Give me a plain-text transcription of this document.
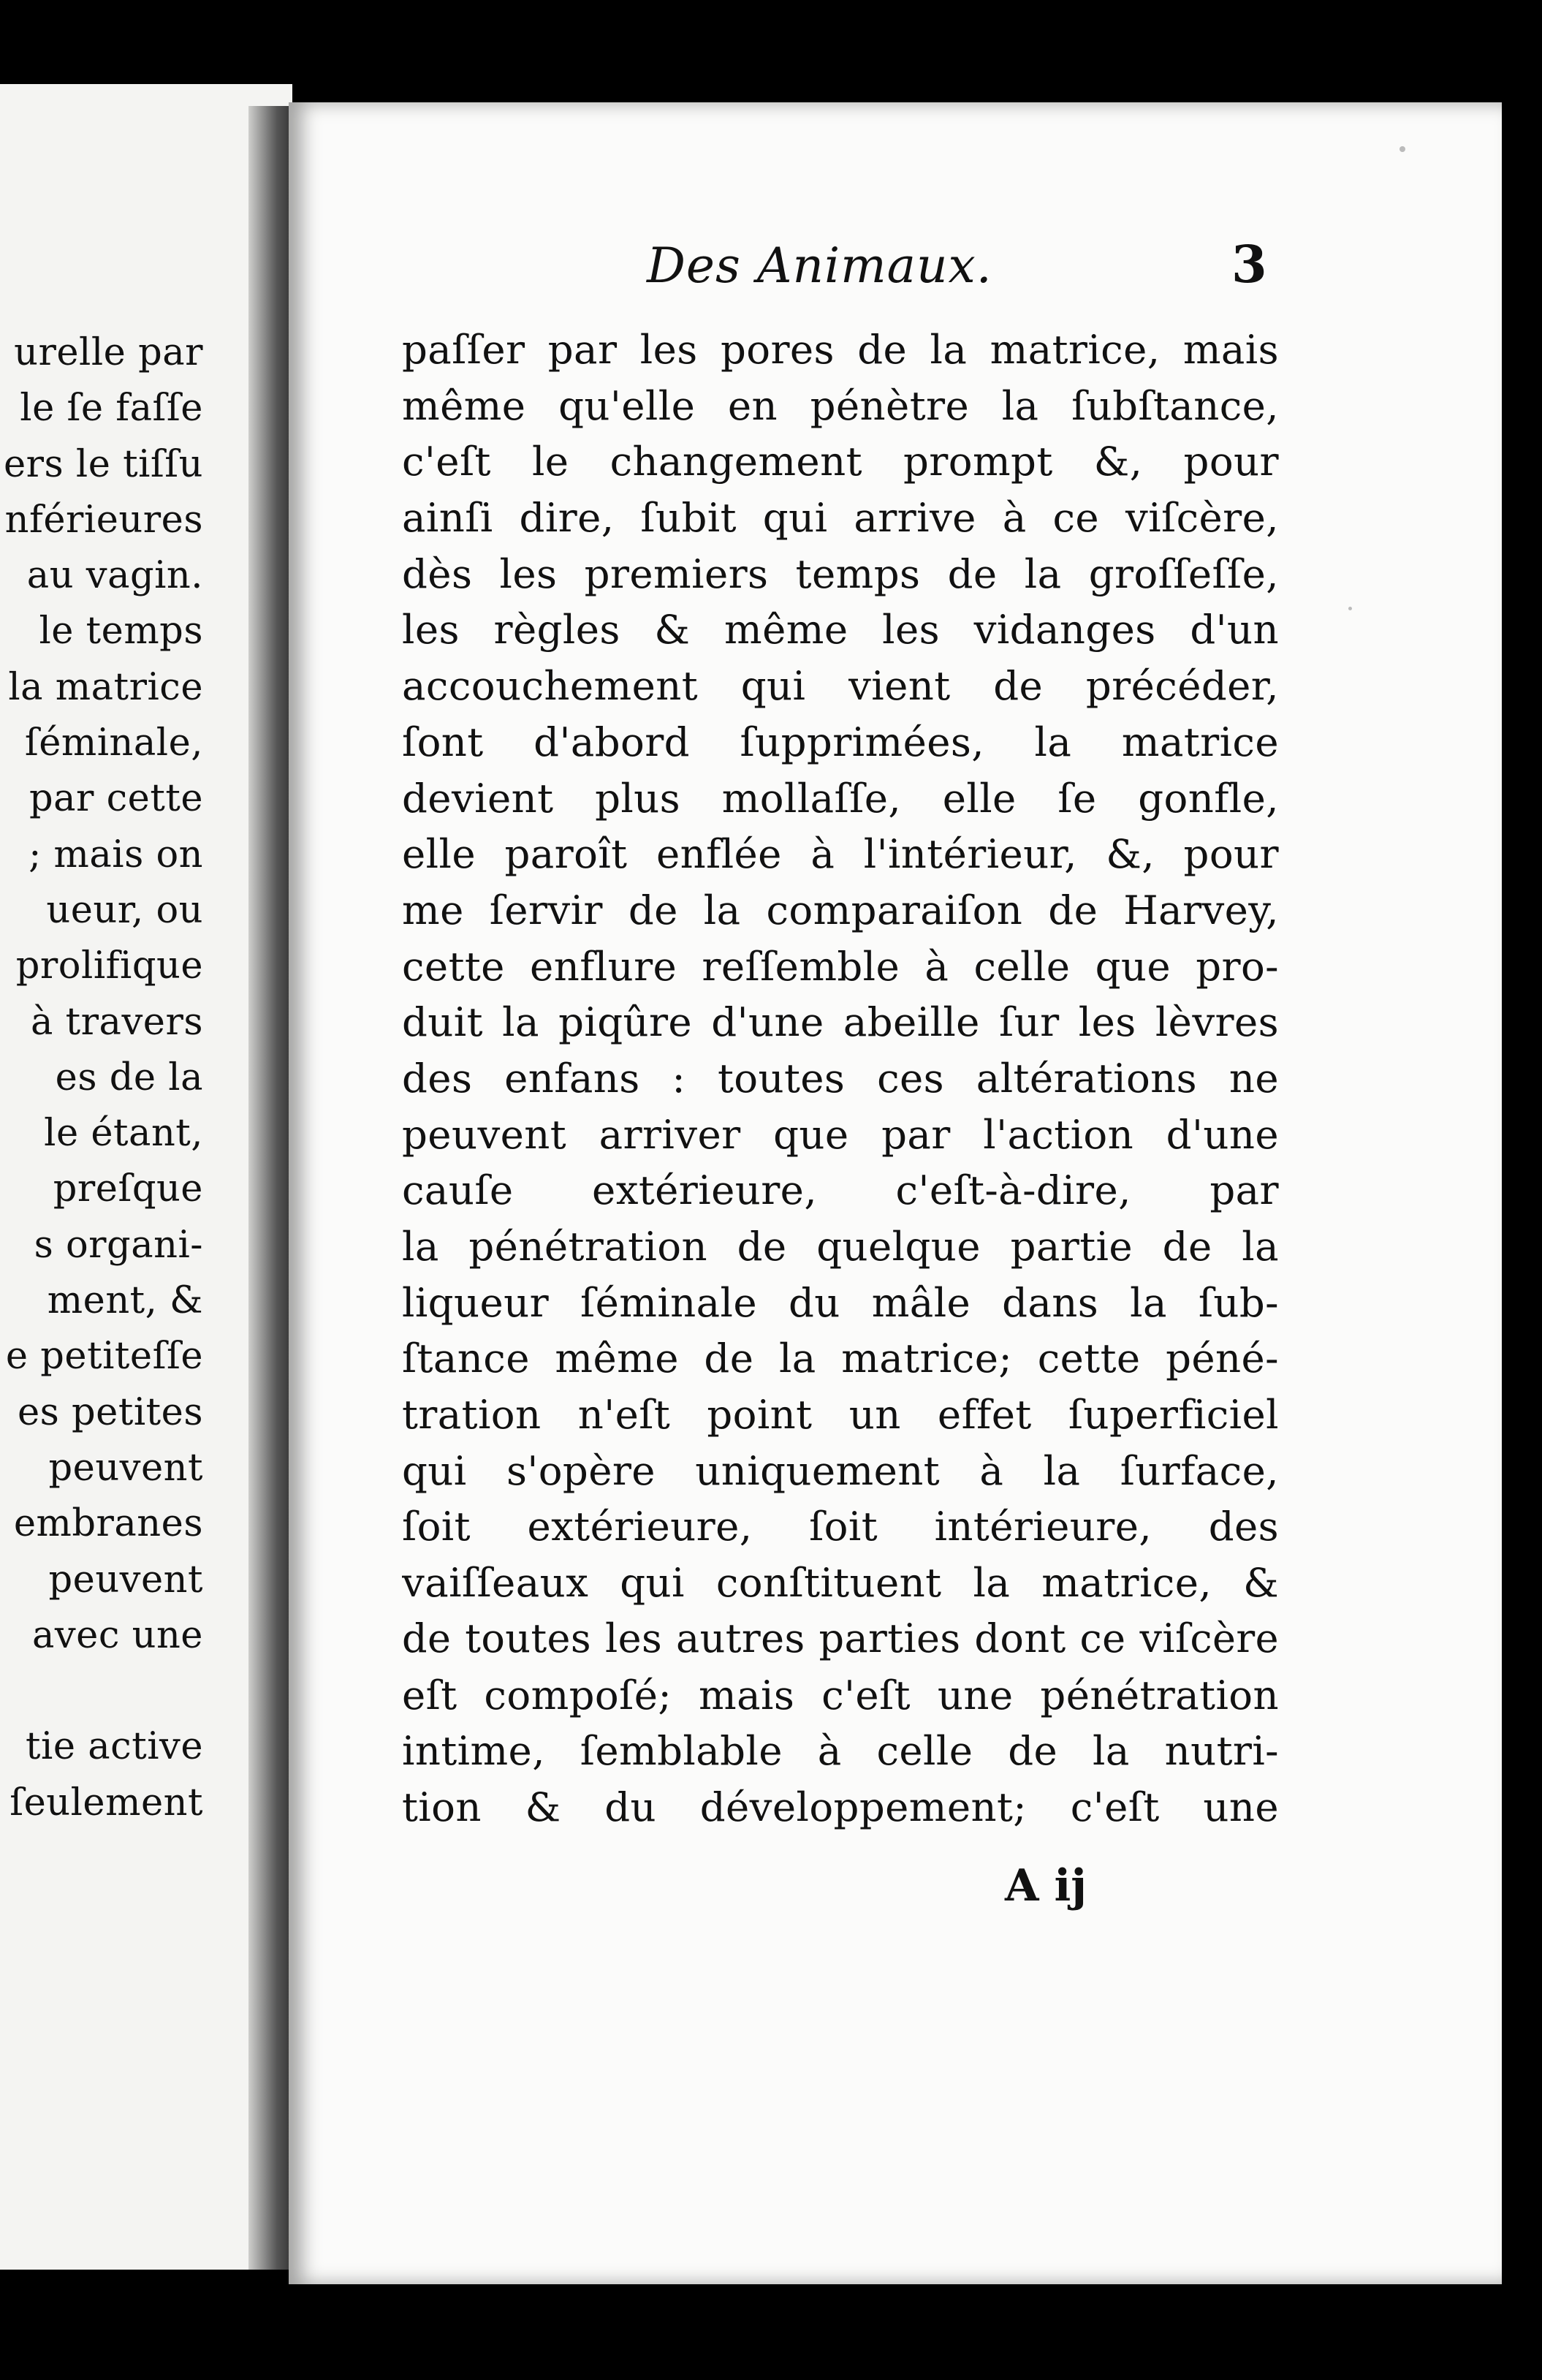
urelle par
le ſe faſſe
ers le tiſſu
nférieures
au vagin.
le temps
la matrice
ſéminale,
par cette
; mais on
ueur, ou
prolifique
à travers
es de la
le étant,
preſque
s organi-
ment, &
e petiteſſe
es petites
peuvent
embranes
peuvent
avec une
tie active
ſeulement
Des Animaux.	3
paſſer par les pores de la matrice, mais
même qu'elle en pénètre la ſubſtance,
c'eſt le changement prompt &, pour
ainſi dire, ſubit qui arrive à ce viſcère,
dès les premiers temps de la groſſeſſe,
les règles & même les vidanges d'un
accouchement qui vient de précéder,
ſont d'abord ſupprimées, la matrice
devient plus mollaſſe, elle ſe gonfle,
elle paroît enflée à l'intérieur, &, pour
me ſervir de la comparaiſon de Harvey,
cette enflure reſſemble à celle que pro-
duit la piqûre d'une abeille ſur les lèvres
des enfans : toutes ces altérations ne
peuvent arriver que par l'action d'une
cauſe extérieure, c'eſt-à-dire, par
la pénétration de quelque partie de la
liqueur ſéminale du mâle dans la ſub-
ſtance même de la matrice; cette péné-
tration n'eſt point un effet ſuperficiel
qui s'opère uniquement à la ſurface,
ſoit extérieure, ſoit intérieure, des
vaiſſeaux qui conſtituent la matrice, &
de toutes les autres parties dont ce viſcère
eſt compoſé; mais c'eſt une pénétration
intime, ſemblable à celle de la nutri-
tion & du développement; c'eſt une
A ij
